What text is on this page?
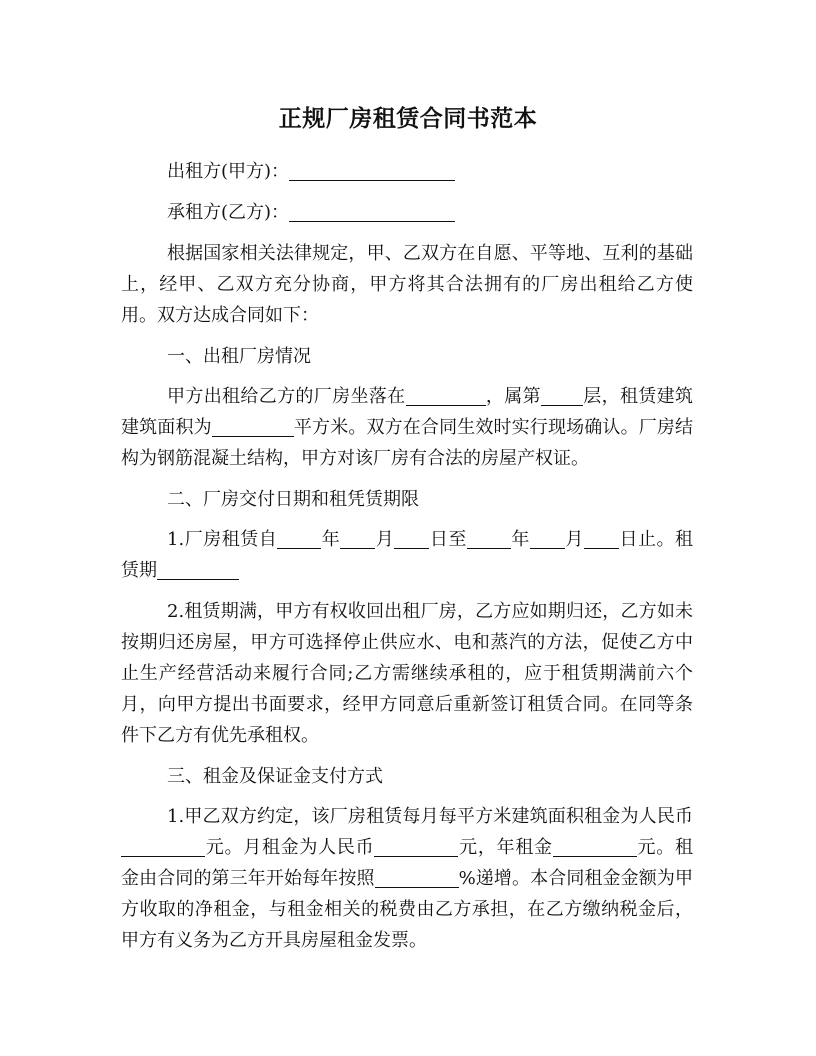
正规厂房租赁合同书范本

出租方(甲方)：

承租方(乙方)：

根据国家相关法律规定，甲、乙双方在自愿、平等地、互利的基础上，经甲、乙双方充分协商，甲方将其合法拥有的厂房出租给乙方使用。双方达成合同如下：

一、出租厂房情况

甲方出租给乙方的厂房坐落在	，属第 层，租赁建筑建筑面积为	平方米。双方在合同生效时实行现场确认。厂房结构为钢筋混凝土结构，甲方对该厂房有合法的房屋产权证。

二、厂房交付日期和租凭赁期限

1.厂房租赁自 年 月 日至 年 月 日止。租赁期

2.租赁期满，甲方有权收回出租厂房，乙方应如期归还，乙方如未按期归还房屋，甲方可选择停止供应水、电和蒸汽的方法，促使乙方中止生产经营活动来履行合同;乙方需继续承租的，应于租赁期满前六个月，向甲方提出书面要求，经甲方同意后重新签订租赁合同。在同等条件下乙方有优先承租权。

三、租金及保证金支付方式

1.甲乙双方约定，该厂房租赁每月每平方米建筑面积租金为人民币元。月租金为人民币	元，年租金	元。租金由合同的第三年开始每年按照	%递增。本合同租金金额为甲方收取的净租金，与租金相关的税费由乙方承担，在乙方缴纳税金后，甲方有义务为乙方开具房屋租金发票。
